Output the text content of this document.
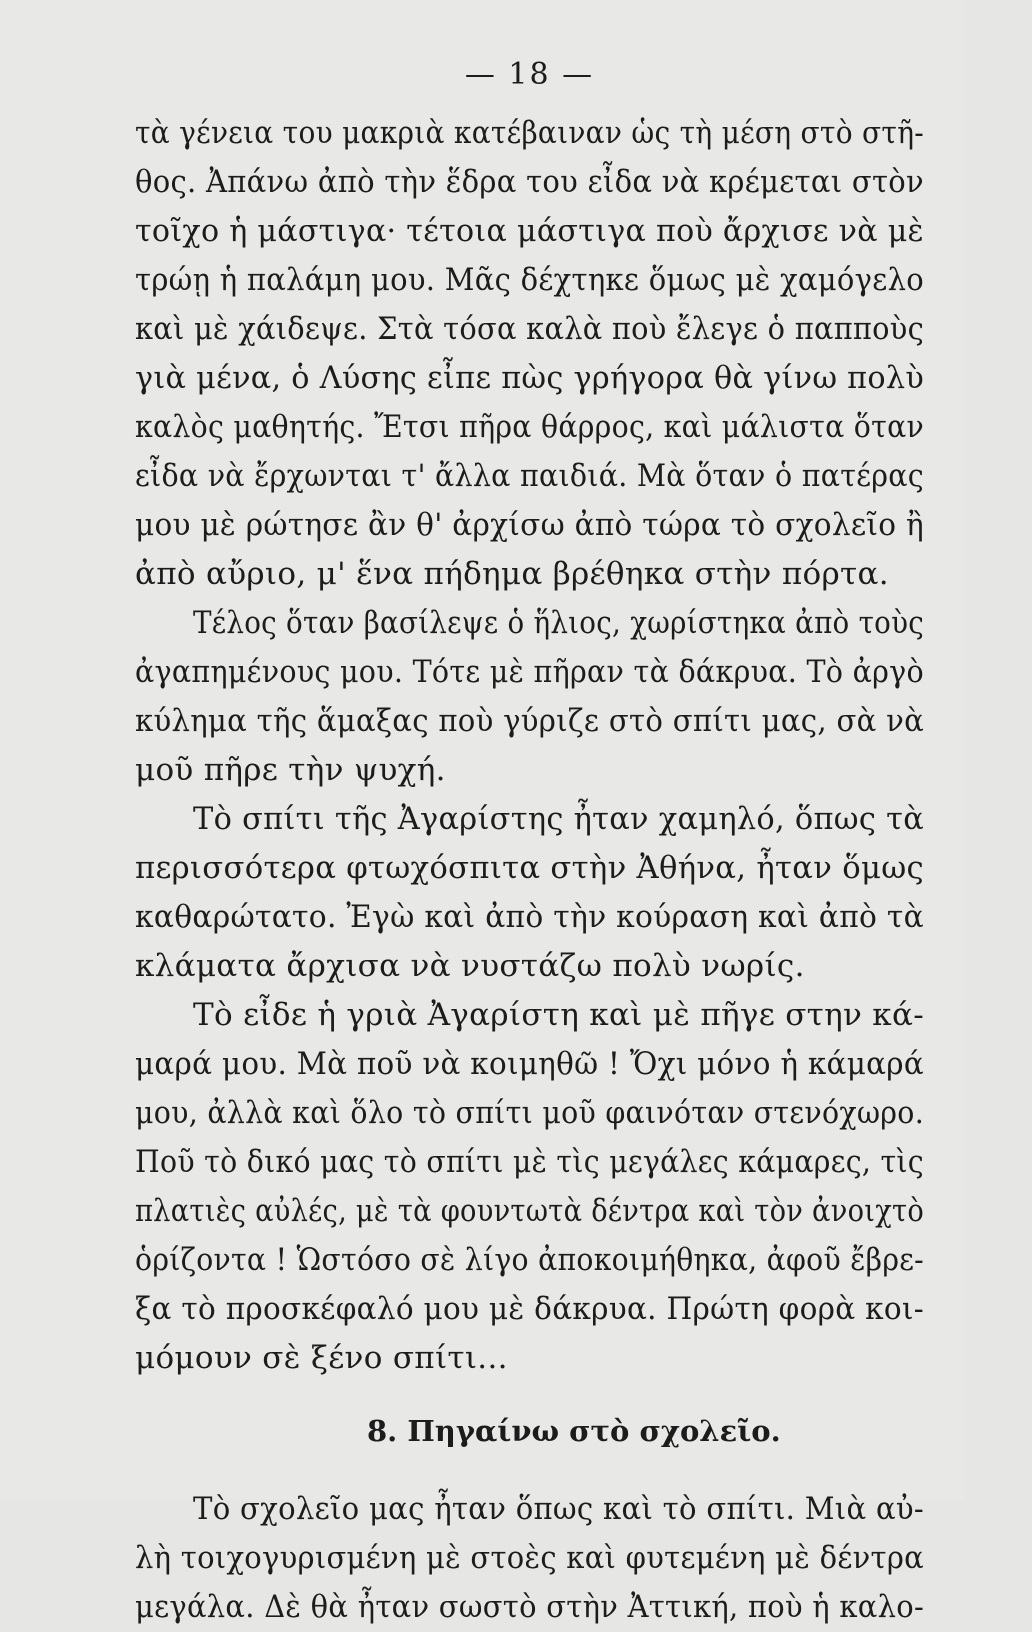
— 18 —
τὰ γένεια του μακριὰ κατέβαιναν ὡς τὴ μέση στὸ στῆ-
θος. Ἀπάνω ἀπὸ τὴν ἕδρα του εἶδα νὰ κρέμεται στὸν
τοῖχο ἡ μάστιγα· τέτοια μάστιγα ποὺ ἄρχισε νὰ μὲ
τρώῃ ἡ παλάμη μου. Μᾶς δέχτηκε ὅμως μὲ χαμόγελο
καὶ μὲ χάιδεψε. Στὰ τόσα καλὰ ποὺ ἔλεγε ὁ παπποὺς
γιὰ μένα, ὁ Λύσης εἶπε πὼς γρήγορα θὰ γίνω πολὺ
καλὸς μαθητής. Ἔτσι πῆρα θάρρος, καὶ μάλιστα ὅταν
εἶδα νὰ ἔρχωνται τ' ἄλλα παιδιά. Μὰ ὅταν ὁ πατέρας
μου μὲ ρώτησε ἂν θ' ἀρχίσω ἀπὸ τώρα τὸ σχολεῖο ἢ
ἀπὸ αὔριο, μ' ἕνα πήδημα βρέθηκα στὴν πόρτα.
Τέλος ὅταν βασίλεψε ὁ ἥλιος, χωρίστηκα ἀπὸ τοὺς
ἀγαπημένους μου. Τότε μὲ πῆραν τὰ δάκρυα. Τὸ ἀργὸ
κύλημα τῆς ἅμαξας ποὺ γύριζε στὸ σπίτι μας, σὰ νὰ
μοῦ πῆρε τὴν ψυχή.
Τὸ σπίτι τῆς Ἀγαρίστης ἦταν χαμηλό, ὅπως τὰ
περισσότερα φτωχόσπιτα στὴν Ἀθήνα, ἦταν ὅμως
καθαρώτατο. Ἐγὼ καὶ ἀπὸ τὴν κούραση καὶ ἀπὸ τὰ
κλάματα ἄρχισα νὰ νυστάζω πολὺ νωρίς.
Τὸ εἶδε ἡ γριὰ Ἀγαρίστη καὶ μὲ πῆγε στην κά-
μαρά μου. Μὰ ποῦ νὰ κοιμηθῶ ! Ὄχι μόνο ἡ κάμαρά
μου, ἀλλὰ καὶ ὅλο τὸ σπίτι μοῦ φαινόταν στενόχωρο.
Ποῦ τὸ δικό μας τὸ σπίτι μὲ τὶς μεγάλες κάμαρες, τὶς
πλατιὲς αὐλές, μὲ τὰ φουντωτὰ δέντρα καὶ τὸν ἀνοιχτὸ
ὁρίζοντα ! Ὡστόσο σὲ λίγο ἀποκοιμήθηκα, ἀφοῦ ἔβρε-
ξα τὸ προσκέφαλό μου μὲ δάκρυα. Πρώτη φορὰ κοι-
μόμουν σὲ ξένο σπίτι...
8. Πηγαίνω στὸ σχολεῖο.
Τὸ σχολεῖο μας ἦταν ὅπως καὶ τὸ σπίτι. Μιὰ αὐ-
λὴ τοιχογυρισμένη μὲ στοὲς καὶ φυτεμένη μὲ δέντρα
μεγάλα. Δὲ θὰ ἦταν σωστὸ στὴν Ἀττική, ποὺ ἡ καλο-
